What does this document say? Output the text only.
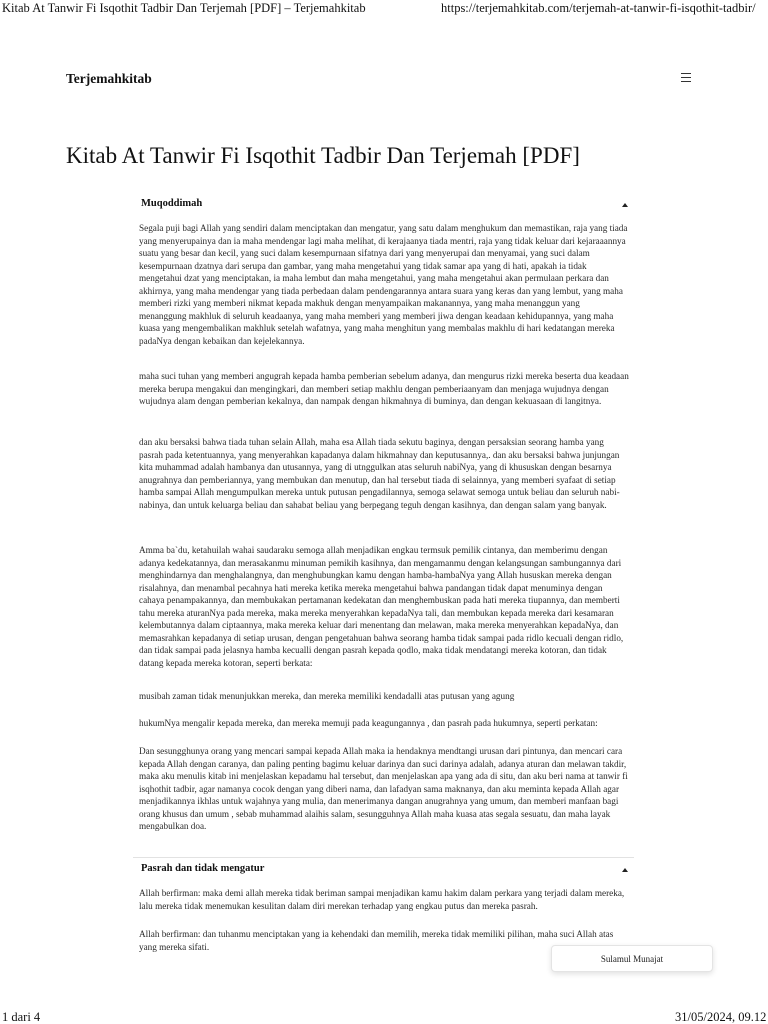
Kitab At Tanwir Fi Isqothit Tadbir Dan Terjemah [PDF] – Terjemahkitab	https://terjemahkitab.com/terjemah-at-tanwir-fi-isqothit-tadbir/
Terjemahkitab
Kitab At Tanwir Fi Isqothit Tadbir Dan Terjemah [PDF]
Muqoddimah

Segala puji bagi Allah yang sendiri dalam menciptakan dan mengatur, yang satu dalam menghukum dan memastikan, raja yang tiada yang menyerupainya dan ia maha mendengar lagi maha melihat, di kerajaanya tiada mentri, raja yang tidak keluar dari kejaraaannya suatu yang besar dan kecil, yang suci dalam kesempurnaan sifatnya dari yang menyerupai dan menyamai, yang suci dalam kesempurnaan dzatnya dari serupa dan gambar, yang maha mengetahui yang tidak samar apa yang di hati, apakah ia tidak mengetahui dzat yang menciptakan, ia maha lembut dan maha mengetahui, yang maha mengetahui akan permulaan perkara dan akhirnya, yang maha mendengar yang tiada perbedaan dalam pendengarannya antara suara yang keras dan yang lembut, yang maha memberi rizki yang memberi nikmat kepada makhuk dengan menyampaikan makanannya, yang maha menanggun yang menanggung makhluk di seluruh keadaanya, yang maha memberi yang memberi jiwa dengan keadaan kehidupannya, yang maha kuasa yang mengembalikan makhluk setelah wafatnya, yang maha menghitun yang membalas makhlu di hari kedatangan mereka padaNya dengan kebaikan dan kejelekannya.

maha suci tuhan yang memberi angugrah kepada hamba pemberian sebelum adanya, dan mengurus rizki mereka beserta dua keadaan mereka berupa mengakui dan mengingkari, dan memberi setiap makhlu dengan pemberiaanyam dan menjaga wujudnya dengan wujudnya alam dengan pemberian kekalnya, dan nampak dengan hikmahnya di buminya, dan dengan kekuasaan di langitnya.

dan aku bersaksi bahwa tiada tuhan selain Allah, maha esa Allah tiada sekutu baginya, dengan persaksian seorang hamba yang pasrah pada ketentuannya, yang menyerahkan kapadanya dalam hikmahnay dan keputusannya,. dan aku bersaksi bahwa junjungan kita muhammad adalah hambanya dan utusannya, yang di utnggulkan atas seluruh nabiNya, yang di khususkan dengan besarnya anugrahnya dan pemberiannya, yang membukan dan menutup, dan hal tersebut tiada di selainnya, yang memberi syafaat di setiap hamba sampai Allah mengumpulkan mereka untuk putusan pengadilannya, semoga selawat semoga untuk beliau dan seluruh nabi-nabinya, dan untuk keluarga beliau dan sahabat beliau yang berpegang teguh dengan kasihnya, dan dengan salam yang banyak.

Amma ba`du, ketahuilah wahai saudaraku semoga allah menjadikan engkau termsuk pemilik cintanya, dan memberimu dengan adanya kedekatannya, dan merasakanmu minuman pemikih kasihnya, dan mengamanmu dengan kelangsungan sambungannya dari menghindarnya dan menghalangnya, dan menghubungkan kamu dengan hamba-hambaNya yang Allah hususkan mereka dengan risalahnya, dan menambal pecahnya hati mereka ketika mereka mengetahui bahwa pandangan tidak dapat menuminya dengan cahaya penampakannya, dan membukakan pertamanan kedekatan dan menghembuskan pada hati mereka tiupannya, dan memberti tahu mereka aturanNya pada mereka, maka mereka menyerahkan kepadaNya tali, dan membukan kepada mereka dari kesamaran kelembutannya dalam ciptaannya, maka mereka keluar dari menentang dan melawan, maka mereka menyerahkan kepadaNya, dan memasrahkan kepadanya di setiap urusan, dengan pengetahuan bahwa seorang hamba tidak sampai pada ridlo kecuali dengan ridlo, dan tidak sampai pada jelasnya hamba kecualli dengan pasrah kepada qodlo, maka tidak mendatangi mereka kotoran, dan tidak datang kepada mereka kotoran, seperti berkata:

musibah zaman tidak menunjukkan mereka, dan mereka memiliki kendadalli atas putusan yang agung

hukumNya mengalir kepada mereka, dan mereka memuji pada keagungannya , dan pasrah pada hukumnya, seperti perkatan:

Dan sesungghunya orang yang mencari sampai kepada Allah maka ia hendaknya mendtangi urusan dari pintunya, dan mencari cara kepada Allah dengan caranya, dan paling penting bagimu keluar darinya dan suci darinya adalah, adanya aturan dan melawan takdir, maka aku menulis kitab ini menjelaskan kepadamu hal tersebut, dan menjelaskan apa yang ada di situ, dan aku beri nama at tanwir fi isqhothit tadbir, agar namanya cocok dengan yang diberi nama, dan lafadyan sama maknanya, dan aku meminta kepada Allah agar menjadikannya ikhlas untuk wajahnya yang mulia, dan menerimanya dangan anugrahnya yang umum, dan memberi manfaan bagi orang khusus dan umum , sebab muhammad alaihis salam, sesungguhnya Allah maha kuasa atas segala sesuatu, dan maha layak mengabulkan doa.

Pasrah dan tidak mengatur

Allah berfirman: maka demi allah mereka tidak beriman sampai menjadikan kamu hakim dalam perkara yang terjadi dalam mereka, lalu mereka tidak menemukan kesulitan dalam diri merekan terhadap yang engkau putus dan mereka pasrah.

Allah berfirman: dan tuhanmu menciptakan yang ia kehendaki dan memilih, mereka tidak memiliki pilihan, maha suci Allah atas yang mereka sifati.

Sulamul Munajat
1 dari 4	31/05/2024, 09.12
